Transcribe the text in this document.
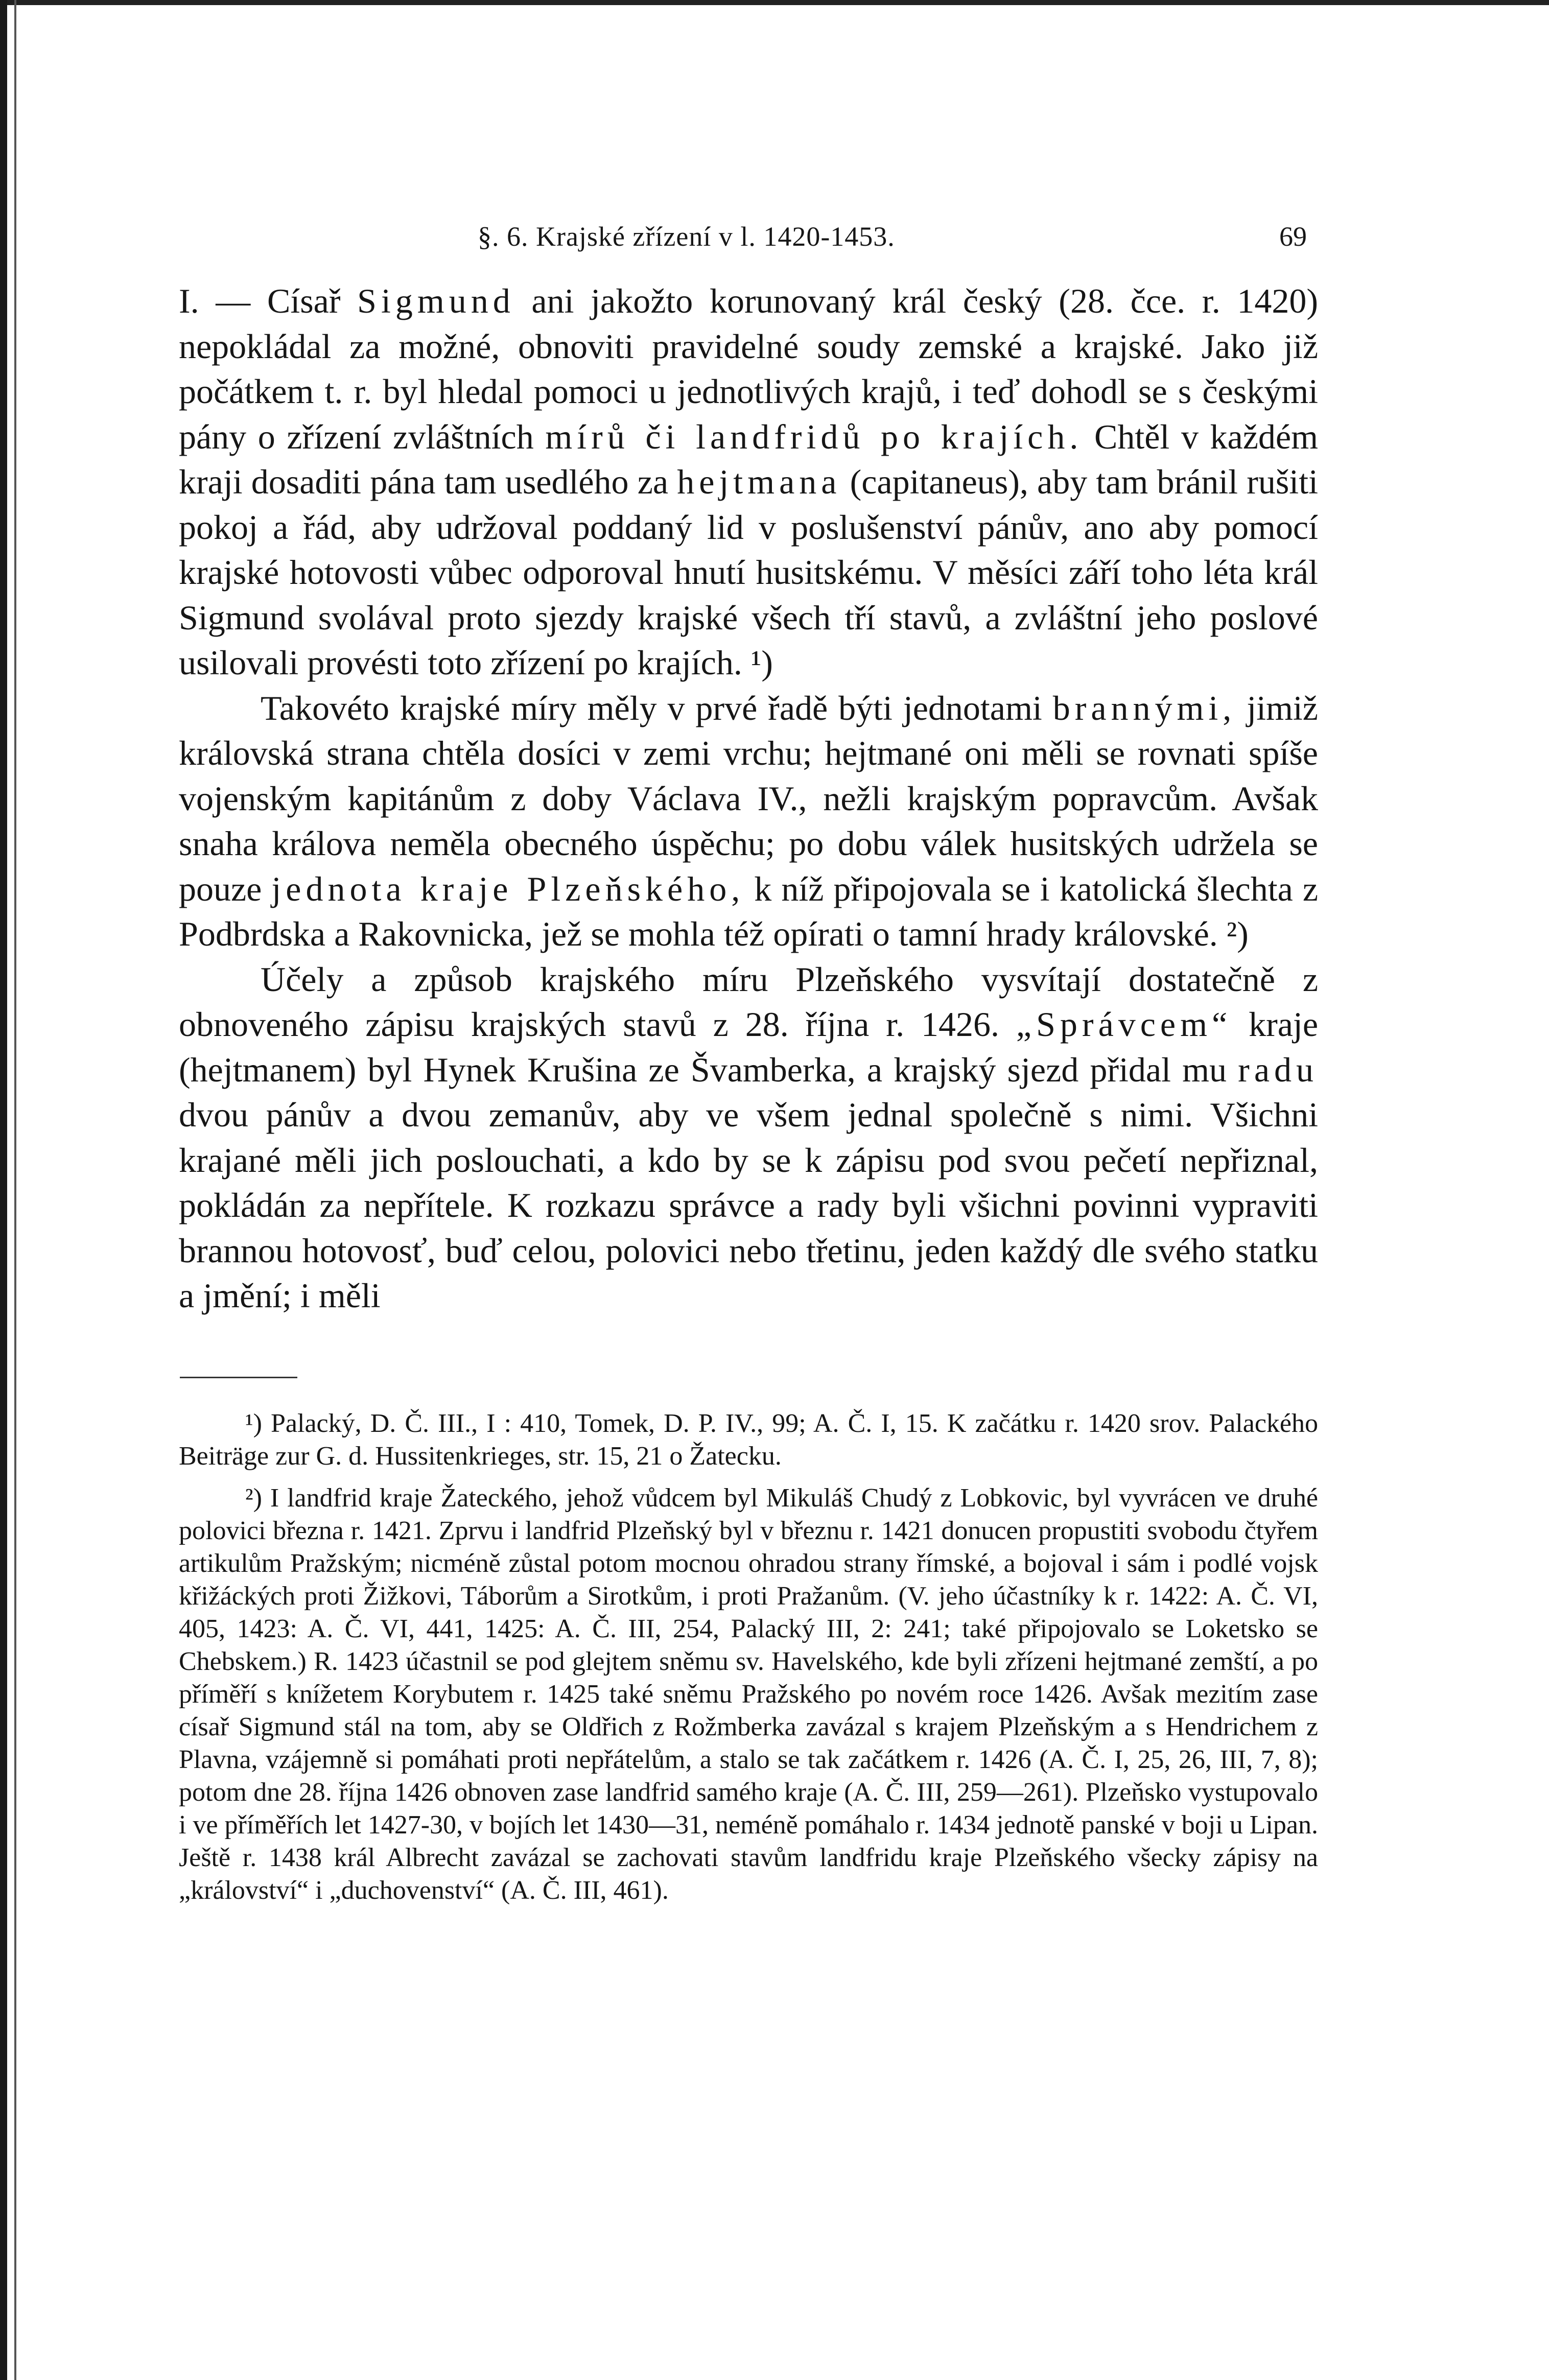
§. 6. Krajské zřízení v l. 1420-1453.	69

I. — Císař Sigmund ani jakožto korunovaný král český (28. čce. r. 1420) nepokládal za možné, obnoviti pravidelné soudy zemské a krajské. Jako již počátkem t. r. byl hledal pomoci u jednotlivých krajů, i teď dohodl se s českými pány o zřízení zvláštních mírů či landfridů po krajích. Chtěl v každém kraji dosaditi pána tam usedlého za hejtmana (capitaneus), aby tam bránil rušiti pokoj a řád, aby udržoval poddaný lid v poslušenství pánův, ano aby pomocí krajské hotovosti vůbec odporoval hnutí husitskému. V měsíci září toho léta král Sigmund svolával proto sjezdy krajské všech tří stavů, a zvláštní jeho poslové usilovali provésti toto zřízení po krajích. ¹)

Takovéto krajské míry měly v prvé řadě býti jednotami brannými, jimiž královská strana chtěla dosíci v zemi vrchu; hejtmané oni měli se rovnati spíše vojenským kapitánům z doby Václava IV., nežli krajským popravcům. Avšak snaha králova neměla obecného úspěchu; po dobu válek husitských udržela se pouze jednota kraje Plzeňského, k níž připojovala se i katolická šlechta z Podbrdska a Rakovnicka, jež se mohla též opírati o tamní hrady královské. ²)

Účely a způsob krajského míru Plzeňského vysvítají dostatečně z obnoveného zápisu krajských stavů z 28. října r. 1426. „Správcem“ kraje (hejtmanem) byl Hynek Krušina ze Švamberka, a krajský sjezd přidal mu radu dvou pánův a dvou zemanův, aby ve všem jednal společně s nimi. Všichni krajané měli jich poslouchati, a kdo by se k zápisu pod svou pečetí nepřiznal, pokládán za nepřítele. K rozkazu správce a rady byli všichni povinni vypraviti brannou hotovosť, buď celou, polovici nebo třetinu, jeden každý dle svého statku a jmění; i měli

¹) Palacký, D. Č. III., I : 410, Tomek, D. P. IV., 99; A. Č. I, 15. K začátku r. 1420 srov. Palackého Beiträge zur G. d. Hussitenkrieges, str. 15, 21 o Žatecku.

²) I landfrid kraje Žateckého, jehož vůdcem byl Mikuláš Chudý z Lobkovic, byl vyvrácen ve druhé polovici března r. 1421. Zprvu i landfrid Plzeňský byl v březnu r. 1421 donucen propustiti svobodu čtyřem artikulům Pražským; nicméně zůstal potom mocnou ohradou strany římské, a bojoval i sám i podlé vojsk křižáckých proti Žižkovi, Táborům a Sirotkům, i proti Pražanům. (V. jeho účastníky k r. 1422: A. Č. VI, 405, 1423: A. Č. VI, 441, 1425: A. Č. III, 254, Palacký III, 2: 241; také připojovalo se Loketsko se Chebskem.) R. 1423 účastnil se pod glejtem sněmu sv. Havelského, kde byli zřízeni hejtmané zemští, a po příměří s knížetem Korybutem r. 1425 také sněmu Pražského po novém roce 1426. Avšak mezitím zase císař Sigmund stál na tom, aby se Oldřich z Rožmberka zavázal s krajem Plzeňským a s Hendrichem z Plavna, vzájemně si pomáhati proti nepřátelům, a stalo se tak začátkem r. 1426 (A. Č. I, 25, 26, III, 7, 8); potom dne 28. října 1426 obnoven zase landfrid samého kraje (A. Č. III, 259—261). Plzeňsko vystupovalo i ve příměřích let 1427-30, v bojích let 1430—31, neméně pomáhalo r. 1434 jednotě panské v boji u Lipan. Ještě r. 1438 král Albrecht zavázal se zachovati stavům landfridu kraje Plzeňského všecky zápisy na „království“ i „duchovenství“ (A. Č. III, 461).
